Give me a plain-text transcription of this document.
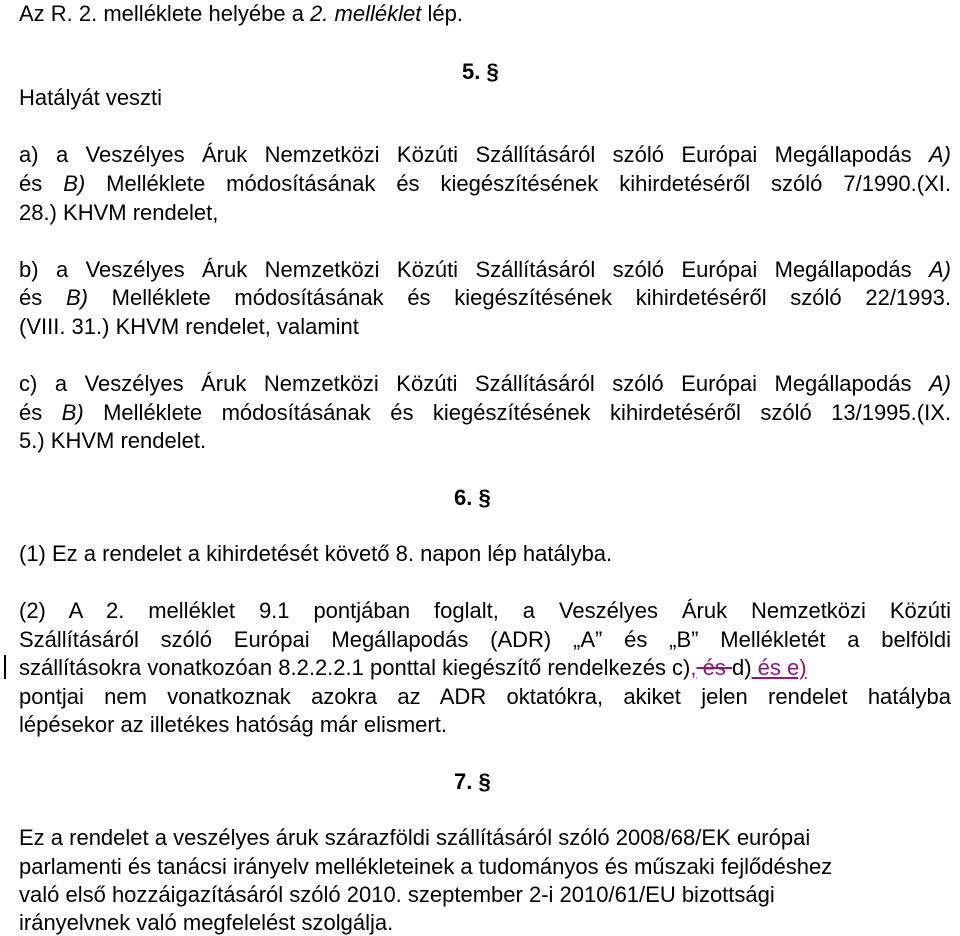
Az R. 2. melléklete helyébe a 2. melléklet lép.
5. §
Hatályát veszti
a) a Veszélyes Áruk Nemzetközi Közúti Szállításáról szóló Európai Megállapodás A)
és B) Melléklete módosításának és kiegészítésének kihirdetéséről szóló 7/1990.(XI.
28.) KHVM rendelet,
b) a Veszélyes Áruk Nemzetközi Közúti Szállításáról szóló Európai Megállapodás A)
és B) Melléklete módosításának és kiegészítésének kihirdetéséről szóló 22/1993.
(VIII. 31.) KHVM rendelet, valamint
c) a Veszélyes Áruk Nemzetközi Közúti Szállításáról szóló Európai Megállapodás A)
és B) Melléklete módosításának és kiegészítésének kihirdetéséről szóló 13/1995.(IX.
5.) KHVM rendelet.
6. §
(1) Ez a rendelet a kihirdetését követő 8. napon lép hatályba.
(2) A 2. melléklet 9.1 pontjában foglalt, a Veszélyes Áruk Nemzetközi Közúti
Szállításáról szóló Európai Megállapodás (ADR) „A” és „B” Mellékletét a belföldi
szállításokra vonatkozóan 8.2.2.2.1 ponttal kiegészítő rendelkezés c), és d) és e)
pontjai nem vonatkoznak azokra az ADR oktatókra, akiket jelen rendelet hatályba
lépésekor az illetékes hatóság már elismert.
7. §
Ez a rendelet a veszélyes áruk szárazföldi szállításáról szóló 2008/68/EK európai
parlamenti és tanácsi irányelv mellékleteinek a tudományos és műszaki fejlődéshez
való első hozzáigazításáról szóló 2010. szeptember 2-i 2010/61/EU bizottsági
irányelvnek való megfelelést szolgálja.
